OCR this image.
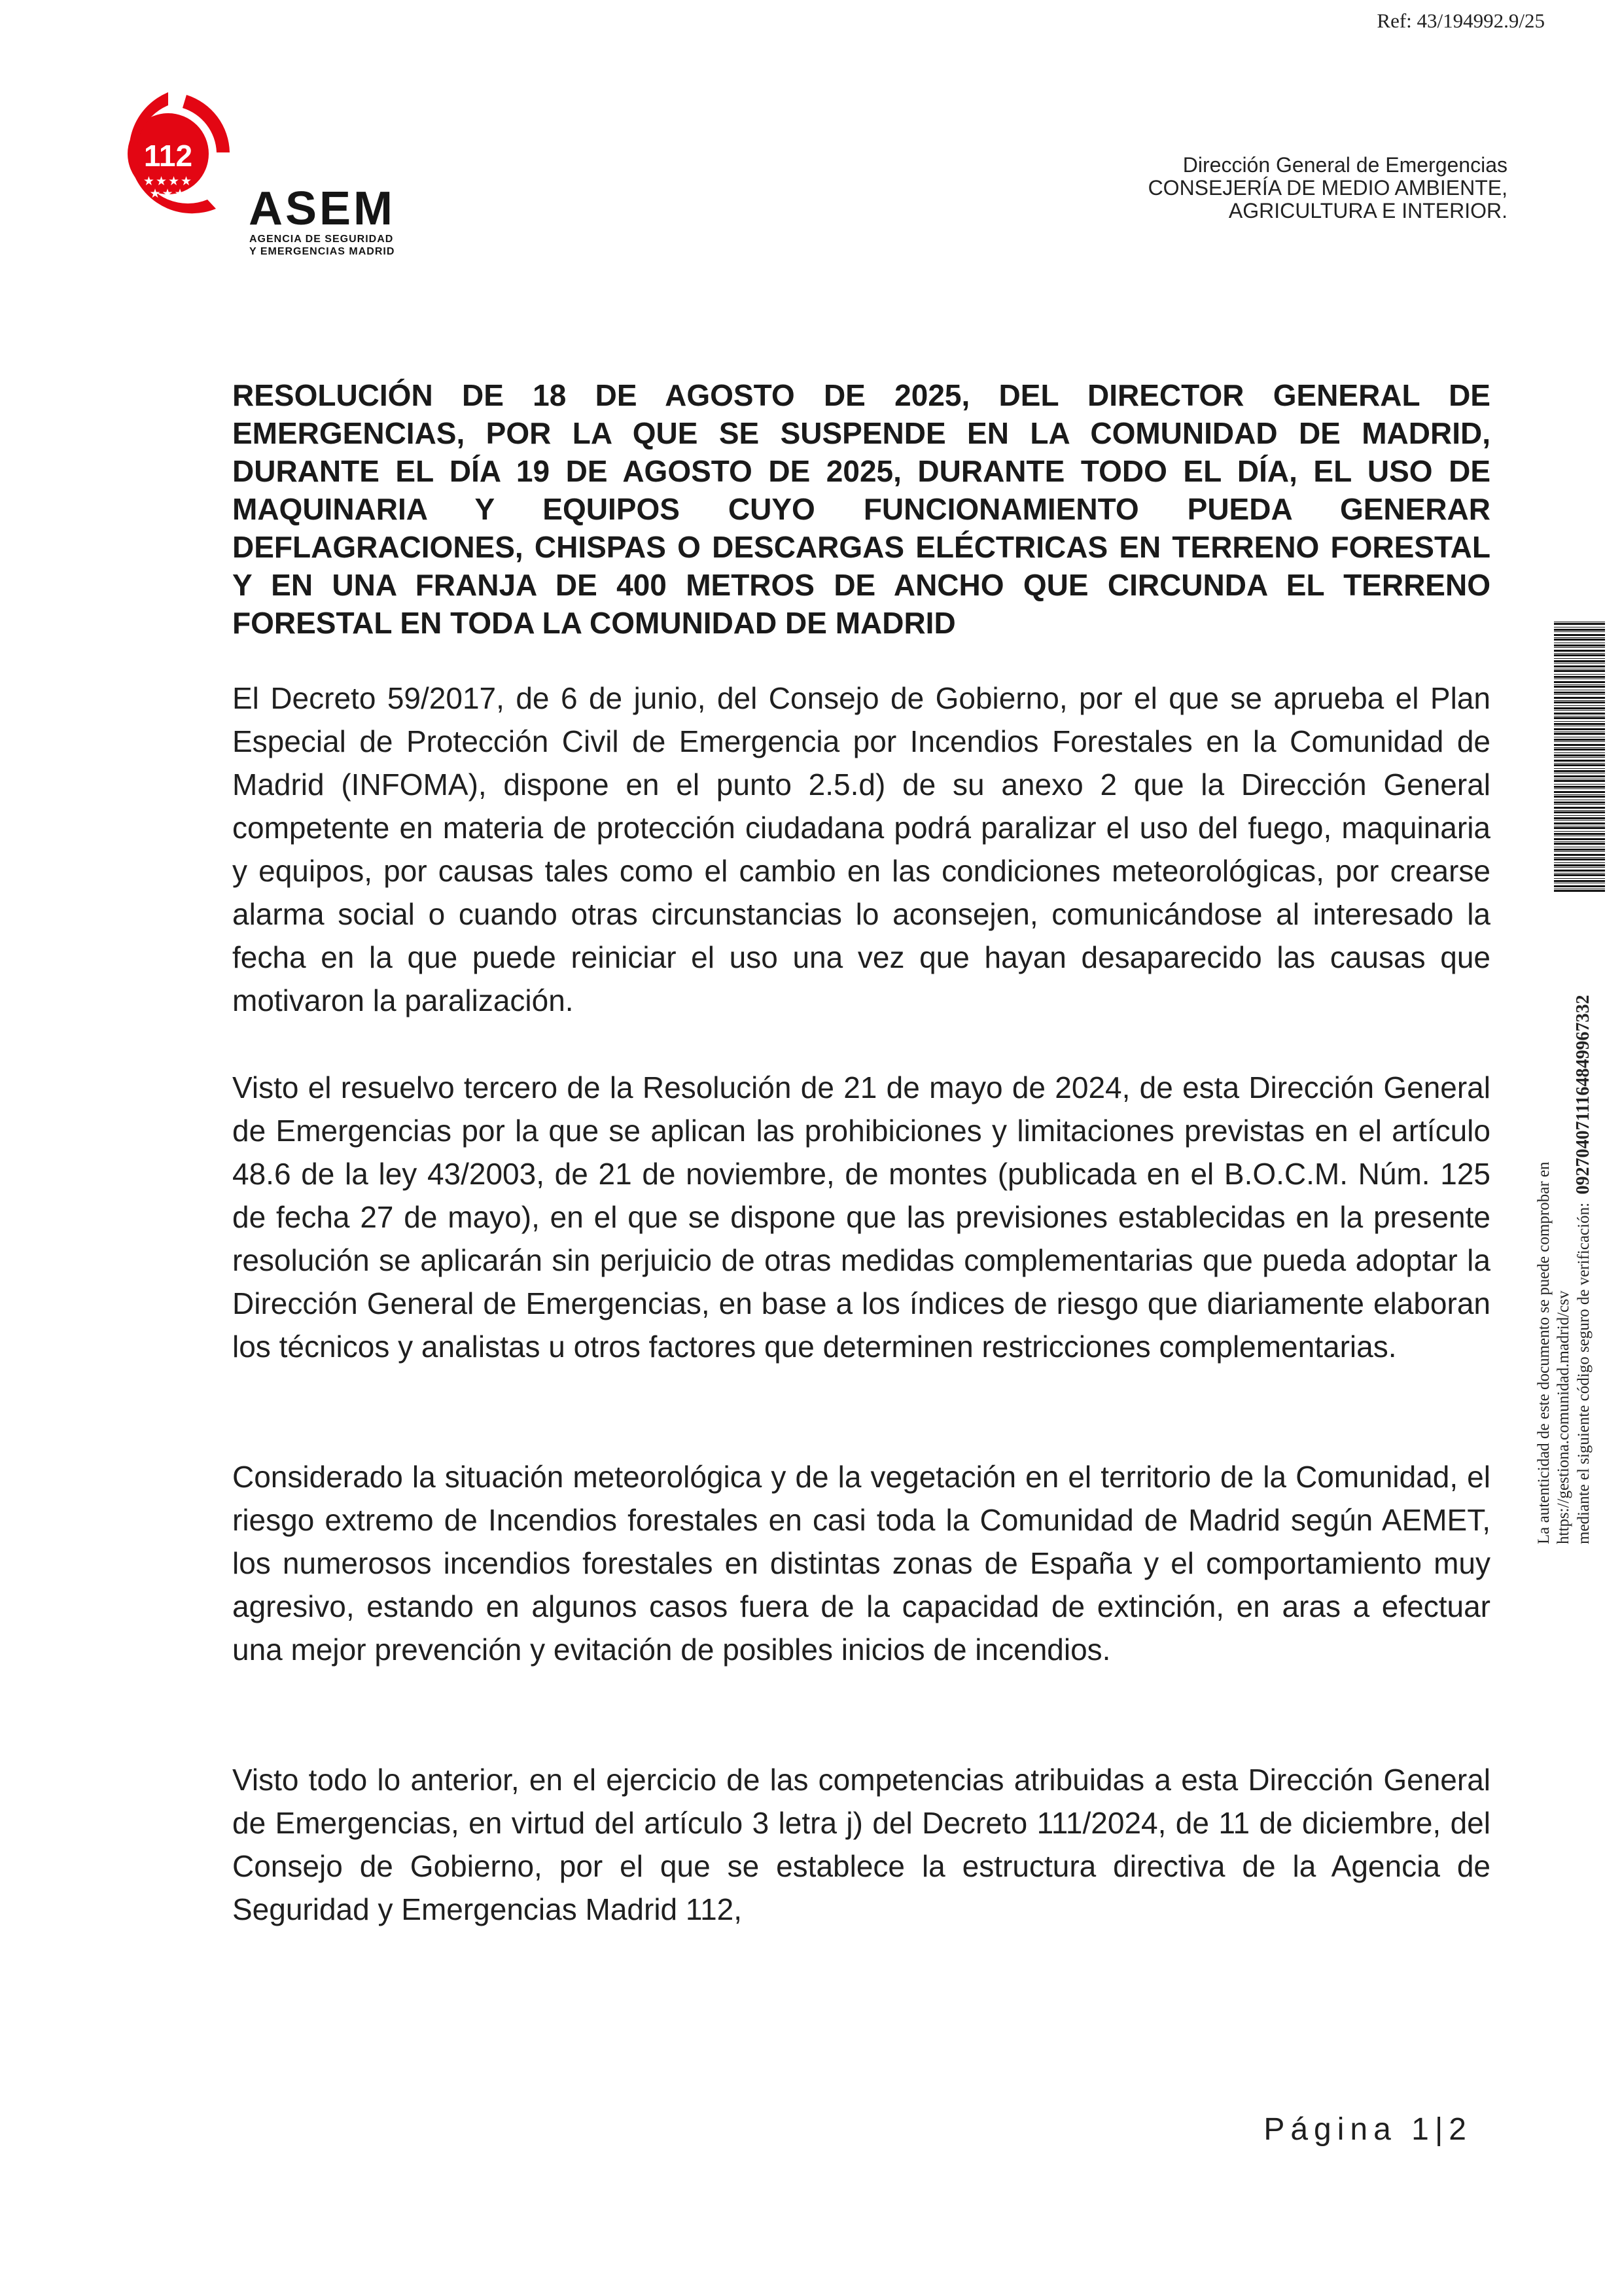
Ref: 43/194992.9/25
112
★★★★
★★★	ASEM
AGENCIA DE SEGURIDAD
Y EMERGENCIAS MADRID
Dirección General de Emergencias
CONSEJERÍA DE MEDIO AMBIENTE,
AGRICULTURA E INTERIOR.

RESOLUCIÓN DE 18 DE AGOSTO DE 2025, DEL DIRECTOR GENERAL DE EMERGENCIAS, POR LA QUE SE SUSPENDE EN LA COMUNIDAD DE MADRID, DURANTE EL DÍA 19 DE AGOSTO DE 2025, DURANTE TODO EL DÍA, EL USO DE MAQUINARIA Y EQUIPOS CUYO FUNCIONAMIENTO PUEDA GENERAR DEFLAGRACIONES, CHISPAS O DESCARGAS ELÉCTRICAS EN TERRENO FORESTAL Y EN UNA FRANJA DE 400 METROS DE ANCHO QUE CIRCUNDA EL TERRENO FORESTAL EN TODA LA COMUNIDAD DE MADRID

El Decreto 59/2017, de 6 de junio, del Consejo de Gobierno, por el que se aprueba el Plan Especial de Protección Civil de Emergencia por Incendios Forestales en la Comunidad de Madrid (INFOMA), dispone en el punto 2.5.d) de su anexo 2 que la Dirección General competente en materia de protección ciudadana podrá paralizar el uso del fuego, maquinaria y equipos, por causas tales como el cambio en las condiciones meteorológicas, por crearse alarma social o cuando otras circunstancias lo aconsejen, comunicándose al interesado la fecha en la que puede reiniciar el uso una vez que hayan desaparecido las causas que motivaron la paralización.

Visto el resuelvo tercero de la Resolución de 21 de mayo de 2024, de esta Dirección General de Emergencias por la que se aplican las prohibiciones y limitaciones previstas en el artículo 48.6 de la ley 43/2003, de 21 de noviembre, de montes (publicada en el B.O.C.M. Núm. 125 de fecha 27 de mayo), en el que se dispone que las previsiones establecidas en la presente resolución se aplicarán sin perjuicio de otras medidas complementarias que pueda adoptar la Dirección General de Emergencias, en base a los índices de riesgo que diariamente elaboran los técnicos y analistas u otros factores que determinen restricciones complementarias.

Considerado la situación meteorológica y de la vegetación en el territorio de la Comunidad, el riesgo extremo de Incendios forestales en casi toda la Comunidad de Madrid según AEMET, los numerosos incendios forestales en distintas zonas de España y el comportamiento muy agresivo, estando en algunos casos fuera de la capacidad de extinción, en aras a efectuar una mejor prevención y evitación de posibles inicios de incendios.

Visto todo lo anterior, en el ejercicio de las competencias atribuidas a esta Dirección General de Emergencias, en virtud del artículo 3 letra j) del Decreto 111/2024, de 11 de diciembre, del Consejo de Gobierno, por el que se establece la estructura directiva de la Agencia de Seguridad y Emergencias Madrid 112,

Página 1|2
La autenticidad de este documento se puede comprobar en https://gestiona.comunidad.madrid/csv mediante el siguiente código seguro de verificación:  0927040711164849967332
